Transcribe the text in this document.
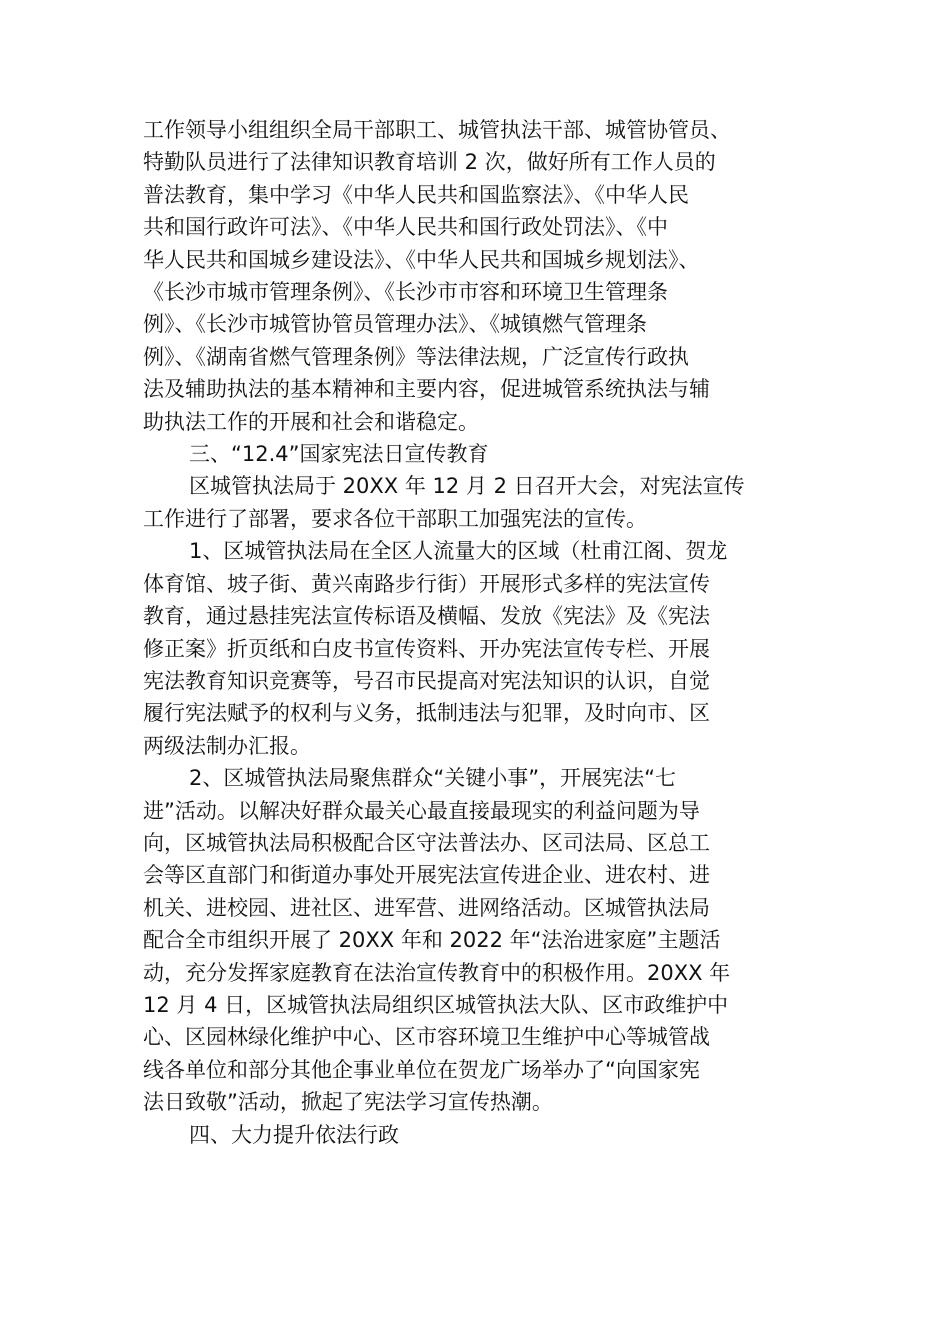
工作领导小组组织全局干部职工、城管执法干部、城管协管员、

特勤队员进行了法律知识教育培训 2 次，做好所有工作人员的

普法教育，集中学习《中华人民共和国监察法》、《中华人民

共和国行政许可法》、《中华人民共和国行政处罚法》、《中

华人民共和国城乡建设法》、《中华人民共和国城乡规划法》、

《长沙市城市管理条例》、《长沙市市容和环境卫生管理条

例》、《长沙市城管协管员管理办法》、《城镇燃气管理条

例》、《湖南省燃气管理条例》等法律法规，广泛宣传行政执

法及辅助执法的基本精神和主要内容，促进城管系统执法与辅

助执法工作的开展和社会和谐稳定。

三、“12.4”国家宪法日宣传教育

区城管执法局于 20XX 年 12 月 2 日召开大会，对宪法宣传

工作进行了部署，要求各位干部职工加强宪法的宣传。

1、区城管执法局在全区人流量大的区域（杜甫江阁、贺龙

体育馆、坡子街、黄兴南路步行街）开展形式多样的宪法宣传

教育，通过悬挂宪法宣传标语及横幅、发放《宪法》及《宪法

修正案》折页纸和白皮书宣传资料、开办宪法宣传专栏、开展

宪法教育知识竞赛等，号召市民提高对宪法知识的认识，自觉

履行宪法赋予的权利与义务，抵制违法与犯罪，及时向市、区

两级法制办汇报。

2、区城管执法局聚焦群众“关键小事”，开展宪法“七

进”活动。以解决好群众最关心最直接最现实的利益问题为导

向，区城管执法局积极配合区守法普法办、区司法局、区总工

会等区直部门和街道办事处开展宪法宣传进企业、进农村、进

机关、进校园、进社区、进军营、进网络活动。区城管执法局

配合全市组织开展了 20XX 年和 2022 年“法治进家庭”主题活

动，充分发挥家庭教育在法治宣传教育中的积极作用。20XX 年

12 月 4 日，区城管执法局组织区城管执法大队、区市政维护中

心、区园林绿化维护中心、区市容环境卫生维护中心等城管战

线各单位和部分其他企事业单位在贺龙广场举办了“向国家宪

法日致敬”活动，掀起了宪法学习宣传热潮。

四、大力提升依法行政
